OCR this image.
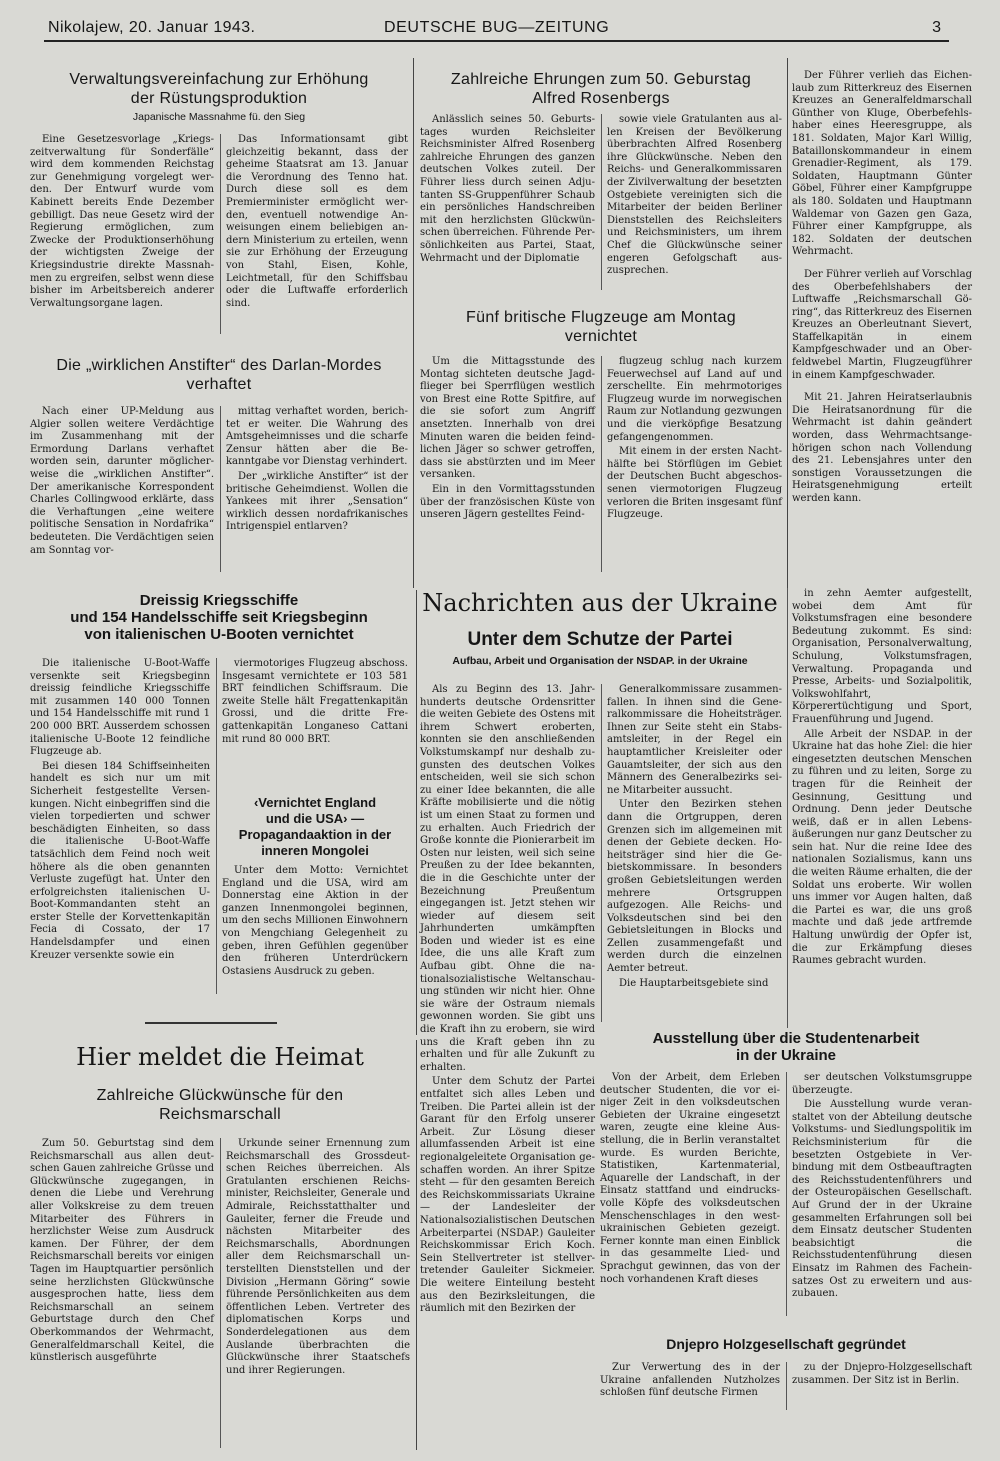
Nikolajew, 20. Januar 1943.	DEUTSCHE BUG—ZEITUNG	3
Verwaltungsvereinfachung zur Erhöhung
der Rüstungsproduktion
Japanische Massnahme fü. den Sieg

Eine Gesetzesvorlage „Kriegszeitverwaltung für Sonderfälle“ wird dem kommenden Reichstag zur Genehmigung vorgelegt werden. Der Entwurf wurde vom Kabinett bereits Ende Dezember gebilligt. Das neue Gesetz wird der Regierung ermöglichen, zum Zwecke der Produktionserhöhung der wichtigsten Zweige der Kriegsindustrie direkte Massnahmen zu ergreifen, selbst wenn diese bisher im Arbeitsbereich anderer Verwaltungsorgane lagen.

Das Informationsamt gibt gleichzeitig bekannt, dass der geheime Staatsrat am 13. Januar die Verordnung des Tenno hat. Durch diese soll es dem Premierminister ermöglicht werden, eventuell notwendige Anweisungen einem beliebigen andern Ministerium zu erteilen, wenn sie zur Erhöhung der Erzeugung von Stahl, Eisen, Kohle, Leichtmetall, für den Schiffsbau oder die Luftwaffe erforderlich sind.

Die „wirklichen Anstifter“ des Darlan-Mordes
verhaftet

Nach einer UP-Meldung aus Algier sollen weitere Verdächtige im Zusammenhang mit der Ermordung Darlans verhaftet worden sein, darunter möglicherweise die „wirklichen Anstifter“. Der amerikanische Korrespondent Charles Collingwood erklärte, dass die Verhaftungen „eine weitere politische Sensation in Nordafrika“ bedeuteten. Die Verdächtigen seien am Sonntag vor-

mittag verhaftet worden, berichtet er weiter. Die Wahrung des Amtsgeheimnisses und die scharfe Zensur hätten aber die Bekanntgabe vor Dienstag verhindert.

Der „wirkliche Anstifter“ ist der britische Geheimdienst. Wollen die Yankees mit ihrer „Sensation“ wirklich dessen nordafrikanisches Intrigenspiel entlarven?

Dreissig Kriegsschiffe
und 154 Handelsschiffe seit Kriegsbeginn
von italienischen U-Booten vernichtet

Die italienische U-Boot-Waffe versenkte seit Kriegsbeginn dreissig feindliche Kriegsschiffe mit zusammen 140 000 Tonnen und 154 Handelsschiffe mit rund 1 200 000 BRT. Ausserdem schossen italienische U-Boote 12 feindliche Flugzeuge ab.

Bei diesen 184 Schiffseinheiten handelt es sich nur um mit Sicherheit festgestellte Versenkungen. Nicht einbegriffen sind die vielen torpedierten und schwer beschädigten Einheiten, so dass die italienische U-Boot-Waffe tatsächlich dem Feind noch weit höhere als die oben genannten Verluste zugefügt hat. Unter den erfolgreichsten italienischen U-Boot-Kommandanten steht an erster Stelle der Korvettenkapitän Fecia di Cossato, der 17 Handelsdampfer und einen Kreuzer versenkte sowie ein

viermotoriges Flugzeug abschoss. Insgesamt vernichtete er 103 581 BRT feindlichen Schiffsraum. Die zweite Stelle hält Fregattenkapitän Grossi, und die dritte Fregattenkapitän Longaneso Cattani mit rund 80 000 BRT.

‹Vernichtet England
und die USA› —
Propagandaaktion in der
inneren Mongolei

Unter dem Motto: Vernichtet England und die USA, wird am Donnerstag eine Aktion in der ganzen Innenmongolei beginnen, um den sechs Millionen Einwohnern von Mengchiang Gelegenheit zu geben, ihren Gefühlen gegenüber den früheren Unterdrückern Ostasiens Ausdruck zu geben.

Hier meldet die Heimat
Zahlreiche Glückwünsche für den
Reichsmarschall

Zum 50. Geburtstag sind dem Reichsmarschall aus allen deutschen Gauen zahlreiche Grüsse und Glückwünsche zugegangen, in denen die Liebe und Verehrung aller Volkskreise zu dem treuen Mitarbeiter des Führers in herzlichster Weise zum Ausdruck kamen. Der Führer, der dem Reichsmarschall bereits vor einigen Tagen im Hauptquartier persönlich seine herzlichsten Glückwünsche ausgesprochen hatte, liess dem Reichsmarschall an seinem Geburtstage durch den Chef Oberkommandos der Wehrmacht, Generalfeldmarschall Keitel, die künstlerisch ausgeführte

Urkunde seiner Ernennung zum Reichsmarschall des Grossdeutschen Reiches überreichen. Als Gratulanten erschienen Reichsminister, Reichsleiter, Generale und Admirale, Reichsstatthalter und Gauleiter, ferner die Freude und nächsten Mitarbeiter des Reichsmarschalls, Abordnungen aller dem Reichsmarschall unterstellten Dienststellen und der Division „Hermann Göring“ sowie führende Persönlichkeiten aus dem öffentlichen Leben. Vertreter des diplomatischen Korps und Sonderdelegationen aus dem Auslande überbrachten die Glückwünsche ihrer Staatschefs und ihrer Regierungen.

Zahlreiche Ehrungen zum 50. Geburstag
Alfred Rosenbergs

Anlässlich seines 50. Geburtstages wurden Reichsleiter Reichsminister Alfred Rosenberg zahlreiche Ehrungen des ganzen deutschen Volkes zuteil. Der Führer liess durch seinen Adjutanten SS-Gruppenführer Schaub ein persönliches Handschreiben mit den herzlichsten Glückwünschen überreichen. Führende Persönlichkeiten aus Partei, Staat, Wehrmacht und der Diplomatie

sowie viele Gratulanten aus allen Kreisen der Bevölkerung überbrachten Alfred Rosenberg ihre Glückwünsche. Neben den Reichs- und Generalkommissaren der Zivilverwaltung der besetzten Ostgebiete vereinigten sich die Mitarbeiter der beiden Berliner Dienststellen des Reichsleiters und Reichsministers, um ihrem Chef die Glückwünsche seiner engeren Gefolgschaft auszusprechen.

Fünf britische Flugzeuge am Montag
vernichtet

Um die Mittagsstunde des Montag sichteten deutsche Jagdflieger bei Sperrflügen westlich von Brest eine Rotte Spitfire, auf die sie sofort zum Angriff ansetzten. Innerhalb von drei Minuten waren die beiden feindlichen Jäger so schwer getroffen, dass sie abstürzten und im Meer versanken.

Ein in den Vormittagsstunden über der französischen Küste von unseren Jägern gestelltes Feind-

flugzeug schlug nach kurzem Feuerwechsel auf Land auf und zerschellte. Ein mehrmotoriges Flugzeug wurde im norwegischen Raum zur Notlandung gezwungen und die vierköpfige Besatzung gefangengenommen.

Mit einem in der ersten Nachthälfte bei Störflügen im Gebiet der Deutschen Bucht abgeschossenen viermotorigen Flugzeug verloren die Briten insgesamt fünf Flugzeuge.

Der Führer verlieh das Eichenlaub zum Ritterkreuz des Eisernen Kreuzes an Generalfeldmarschall Günther von Kluge, Oberbefehlshaber eines Heeresgruppe, als 181. Soldaten, Major Karl Willig, Bataillonskommandeur in einem Grenadier-Regiment, als 179. Soldaten, Hauptmann Günter Göbel, Führer einer Kampfgruppe als 180. Soldaten und Hauptmann Waldemar von Gazen gen Gaza, Führer einer Kampfgruppe, als 182. Soldaten der deutschen Wehrmacht.

Der Führer verlieh auf Vorschlag des Oberbefehlshabers der Luftwaffe „Reichsmarschall Göring“, das Ritterkreuz des Eisernen Kreuzes an Oberleutnant Sievert, Staffelkapitän in einem Kampfgeschwader und an Oberfeldwebel Martin, Flugzeugführer in einem Kampfgeschwader.

Mit 21. Jahren Heiratserlaubnis Die Heiratsanordnung für die Wehrmacht ist dahin geändert worden, dass Wehrmachtsangehörigen schon nach Vollendung des 21. Lebensjahres unter den sonstigen Voraussetzungen die Heiratsgenehmigung erteilt werden kann.

Nachrichten aus der Ukraine
Unter dem Schutze der Partei
Aufbau, Arbeit und Organisation der NSDAP. in der Ukraine

Als zu Beginn des 13. Jahrhunderts deutsche Ordensritter die weiten Gebiete des Ostens mit ihrem Schwert eroberten, konnten sie den anschließenden Volkstumskampf nur deshalb zugunsten des deutschen Volkes entscheiden, weil sie sich schon zu einer Idee bekannten, die alle Kräfte mobilisierte und die nötig ist um einen Staat zu formen und zu erhalten. Auch Friedrich der Große konnte die Pionierarbeit im Osten nur leisten, weil sich seine Preußen zu der Idee bekannten, die in die Geschichte unter der Bezeichnung Preußentum eingegangen ist. Jetzt stehen wir wieder auf diesem seit Jahrhunderten umkämpften Boden und wieder ist es eine Idee, die uns alle Kraft zum Aufbau gibt. Ohne die nationalsozialistische Weltanschauung stünden wir nicht hier. Ohne sie wäre der Ostraum niemals gewonnen worden. Sie gibt uns die Kraft ihn zu erobern, sie wird uns die Kraft geben ihn zu erhalten und für alle Zukunft zu erhalten.

Unter dem Schutz der Partei entfaltet sich alles Leben und Treiben. Die Partei allein ist der Garant für den Erfolg unserer Arbeit. Zur Lösung dieser allumfassenden Arbeit ist eine regionalgeleitete Organisation geschaffen worden. An ihrer Spitze steht — für den gesamten Bereich des Reichskommissariats Ukraine — der Landesleiter der Nationalsozialistischen Deutschen Arbeiterpartei (NSDAP.) Gauleiter Reichskommissar Erich Koch. Sein Stellvertreter ist stellvertretender Gauleiter Sickmeier. Die weitere Einteilung besteht aus den Bezirksleitungen, die räumlich mit den Bezirken der

Generalkommissare zusammenfallen. In ihnen sind die Generalkommissare die Hoheitsträger. Ihnen zur Seite steht ein Stabsamtsleiter, in der Regel ein hauptamtlicher Kreisleiter oder Gauamtsleiter, der sich aus den Männern des Generalbezirks seine Mitarbeiter aussucht.

Unter den Bezirken stehen dann die Ortgruppen, deren Grenzen sich im allgemeinen mit denen der Gebiete decken. Hoheitsträger sind hier die Gebietskommissare. In besonders großen Gebietsleitungen werden mehrere Ortsgruppen aufgezogen. Alle Reichs- und Volksdeutschen sind bei den Gebietsleitungen in Blocks und Zellen zusammengefaßt und werden durch die einzelnen Aemter betreut.

Die Hauptarbeitsgebiete sind

in zehn Aemter aufgestellt, wobei dem Amt für Volkstumsfragen eine besondere Bedeutung zukommt. Es sind: Organisation, Personalverwaltung, Schulung, Volkstumsfragen, Verwaltung. Propaganda und Presse, Arbeits- und Sozialpolitik, Volkswohlfahrt, Körperertüchtigung und Sport, Frauenführung und Jugend.

Alle Arbeit der NSDAP. in der Ukraine hat das hohe Ziel: die hier eingesetzten deutschen Menschen zu führen und zu leiten, Sorge zu tragen für die Reinheit der Gesinnung, Gesittung und Ordnung. Denn jeder Deutsche weiß, daß er in allen Lebensäußerungen nur ganz Deutscher zu sein hat. Nur die reine Idee des nationalen Sozialismus, kann uns die weiten Räume erhalten, die der Soldat uns eroberte. Wir wollen uns immer vor Augen halten, daß die Partei es war, die uns groß machte und daß jede artfremde Haltung unwürdig der Opfer ist, die zur Erkämpfung dieses Raumes gebracht wurden.

Ausstellung über die Studentenarbeit
in der Ukraine

Von der Arbeit, dem Erleben deutscher Studenten, die vor einiger Zeit in den volksdeutschen Gebieten der Ukraine eingesetzt waren, zeugte eine kleine Ausstellung, die in Berlin veranstaltet wurde. Es wurden Berichte, Statistiken, Kartenmaterial, Aquarelle der Landschaft, in der Einsatz stattfand und eindrucksvolle Köpfe des volksdeutschen Menschenschlages in den westukrainischen Gebieten gezeigt. Ferner konnte man einen Einblick in das gesammelte Lied- und Sprachgut gewinnen, das von der noch vorhandenen Kraft dieses

ser deutschen Volkstumsgruppe überzeugte.

Die Ausstellung wurde veranstaltet von der Abteilung deutsche Volkstums- und Siedlungspolitik im Reichsministerium für die besetzten Ostgebiete in Verbindung mit dem Ostbeauftragten des Reichsstudentenführers und der Osteuropäischen Gesellschaft. Auf Grund der in der Ukraine gesammelten Erfahrungen soll bei dem Einsatz deutscher Studenten beabsichtigt die Reichsstudentenführung diesen Einsatz im Rahmen des Facheinsatzes Ost zu erweitern und auszubauen.

Dnjepro Holzgesellschaft gegründet

Zur Verwertung des in der Ukraine anfallenden Nutzholzes schloßen fünf deutsche Firmen

zu der Dnjepro-Holzgesellschaft zusammen. Der Sitz ist in Berlin.
